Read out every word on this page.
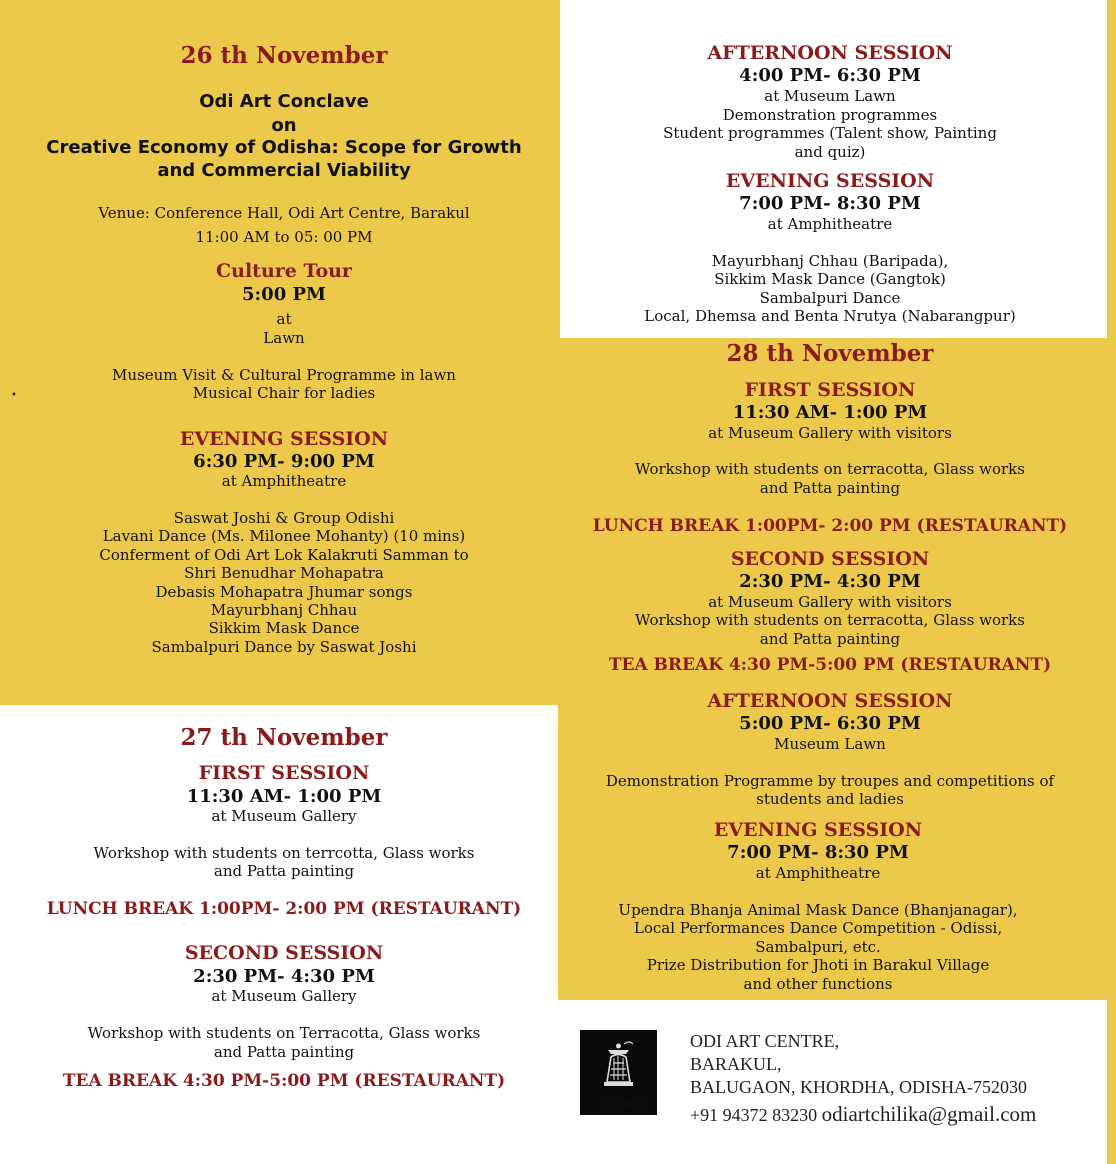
•
26 th November
Odi Art Conclave
on
Creative Economy of Odisha: Scope for Growth
and Commercial Viability
Venue: Conference Hall, Odi Art Centre, Barakul
11:00 AM to 05: 00 PM
Culture Tour
5:00 PM
at
Lawn
Museum Visit & Cultural Programme in lawn
Musical Chair for ladies
EVENING SESSION
6:30 PM- 9:00 PM
at Amphitheatre
Saswat Joshi & Group Odishi
Lavani Dance (Ms. Milonee Mohanty) (10 mins)
Conferment of Odi Art Lok Kalakruti Samman to
Shri Benudhar Mohapatra
Debasis Mohapatra Jhumar songs
Mayurbhanj Chhau
Sikkim Mask Dance
Sambalpuri Dance by Saswat Joshi
27 th November
FIRST SESSION
11:30 AM- 1:00 PM
at Museum Gallery
Workshop with students on terrcotta, Glass works
and Patta painting
LUNCH BREAK 1:00PM- 2:00 PM (RESTAURANT)
SECOND SESSION
2:30 PM- 4:30 PM
at Museum Gallery
Workshop with students on Terracotta, Glass works
and Patta painting
TEA BREAK 4:30 PM-5:00 PM (RESTAURANT)
AFTERNOON SESSION
4:00 PM- 6:30 PM
at Museum Lawn
Demonstration programmes
Student programmes (Talent show, Painting
and quiz)
EVENING SESSION
7:00 PM- 8:30 PM
at Amphitheatre
Mayurbhanj Chhau (Baripada),
Sikkim Mask Dance (Gangtok)
Sambalpuri Dance
Local, Dhemsa and Benta Nrutya (Nabarangpur)
28 th November
FIRST SESSION
11:30 AM- 1:00 PM
at Museum Gallery with visitors
Workshop with students on terracotta, Glass works
and Patta painting
LUNCH BREAK 1:00PM- 2:00 PM (RESTAURANT)
SECOND SESSION
2:30 PM- 4:30 PM
at Museum Gallery with visitors
Workshop with students on terracotta, Glass works
and Patta painting
TEA BREAK 4:30 PM-5:00 PM (RESTAURANT)
AFTERNOON SESSION
5:00 PM- 6:30 PM
Museum Lawn
Demonstration Programme by troupes and competitions of
students and ladies
EVENING SESSION
7:00 PM- 8:30 PM
at Amphitheatre
Upendra Bhanja Animal Mask Dance (Bhanjanagar),
Local Performances Dance Competition - Odissi,
Sambalpuri, etc.
Prize Distribution for Jhoti in Barakul Village
and other functions
ODI ART
ODI ART CENTRE,
BARAKUL,
BALUGAON, KHORDHA, ODISHA-752030
+91 94372 83230 odiartchilika@gmail.com
